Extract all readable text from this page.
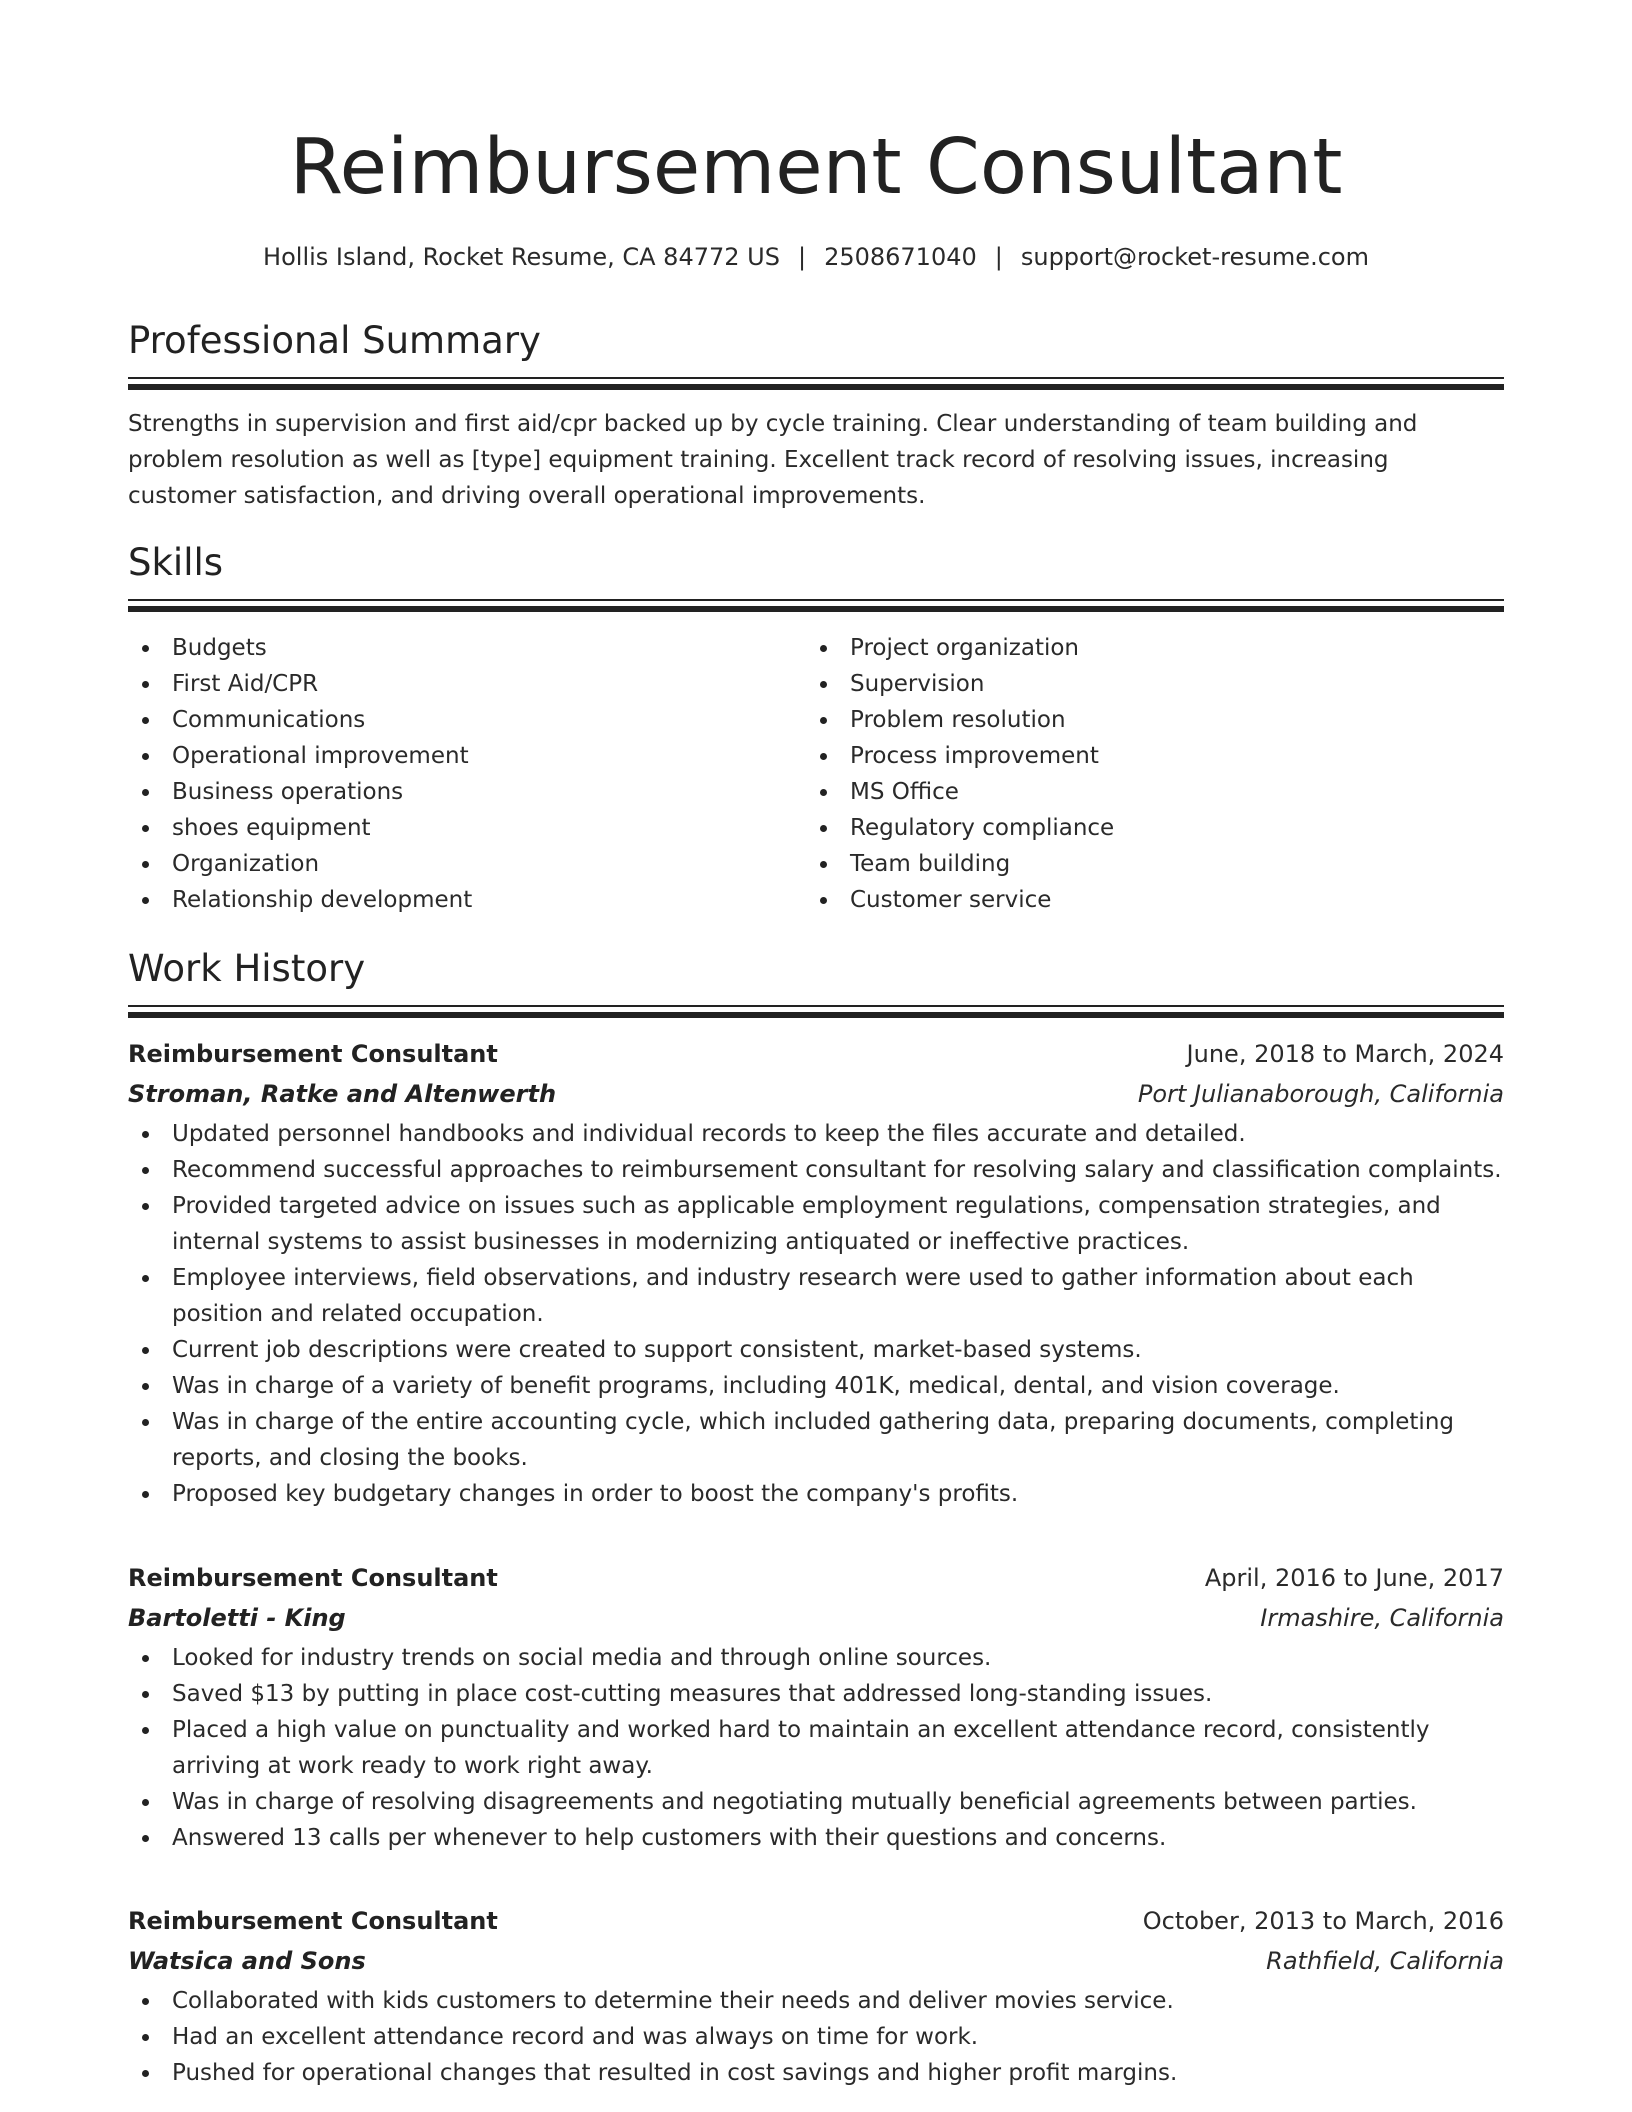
Reimbursement Consultant
Hollis Island, Rocket Resume, CA 84772 US | 2508671040 | support@rocket-resume.com
Professional Summary
Strengths in supervision and first aid/cpr backed up by cycle training. Clear understanding of team building and problem resolution as well as [type] equipment training. Excellent track record of resolving issues, increasing customer satisfaction, and driving overall operational improvements.
Skills
Budgets
First Aid/CPR
Communications
Operational improvement
Business operations
shoes equipment
Organization
Relationship development
Project organization
Supervision
Problem resolution
Process improvement
MS Office
Regulatory compliance
Team building
Customer service
Work History
Reimbursement Consultant	June, 2018 to March, 2024
Stroman, Ratke and Altenwerth	Port Julianaborough, California
Updated personnel handbooks and individual records to keep the files accurate and detailed.
Recommend successful approaches to reimbursement consultant for resolving salary and classification complaints.
Provided targeted advice on issues such as applicable employment regulations, compensation strategies, and internal systems to assist businesses in modernizing antiquated or ineffective practices.
Employee interviews, field observations, and industry research were used to gather information about each position and related occupation.
Current job descriptions were created to support consistent, market-based systems.
Was in charge of a variety of benefit programs, including 401K, medical, dental, and vision coverage.
Was in charge of the entire accounting cycle, which included gathering data, preparing documents, completing reports, and closing the books.
Proposed key budgetary changes in order to boost the company's profits.
Reimbursement Consultant	April, 2016 to June, 2017
Bartoletti - King	Irmashire, California
Looked for industry trends on social media and through online sources.
Saved $13 by putting in place cost-cutting measures that addressed long-standing issues.
Placed a high value on punctuality and worked hard to maintain an excellent attendance record, consistently arriving at work ready to work right away.
Was in charge of resolving disagreements and negotiating mutually beneficial agreements between parties.
Answered 13 calls per whenever to help customers with their questions and concerns.
Reimbursement Consultant	October, 2013 to March, 2016
Watsica and Sons	Rathfield, California
Collaborated with kids customers to determine their needs and deliver movies service.
Had an excellent attendance record and was always on time for work.
Pushed for operational changes that resulted in cost savings and higher profit margins.
